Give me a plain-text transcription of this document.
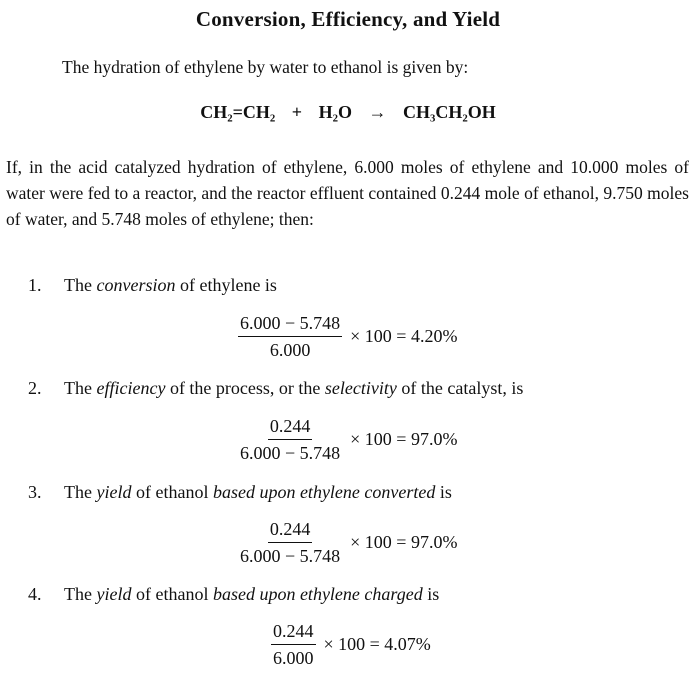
Conversion, Efficiency, and Yield
The hydration of ethylene by water to ethanol is given by:
CH₂=CH₂ + H₂O → CH₃CH₂OH
If, in the acid catalyzed hydration of ethylene, 6.000 moles of ethylene and 10.000 moles of water were fed to a reactor, and the reactor effluent contained 0.244 mole of ethanol, 9.750 moles of water, and 5.748 moles of ethylene; then:
1. The conversion of ethylene is
$\frac{6.000 - 5.748}{6.000} \times 100 = 4.20\%$
2. The efficiency of the process, or the selectivity of the catalyst, is
$\frac{0.244}{6.000 - 5.748} \times 100 = 97.0\%$
3. The yield of ethanol based upon ethylene converted is
$\frac{0.244}{6.000 - 5.748} \times 100 = 97.0\%$
4. The yield of ethanol based upon ethylene charged is
$\frac{0.244}{6.000} \times 100 = 4.07\%$
